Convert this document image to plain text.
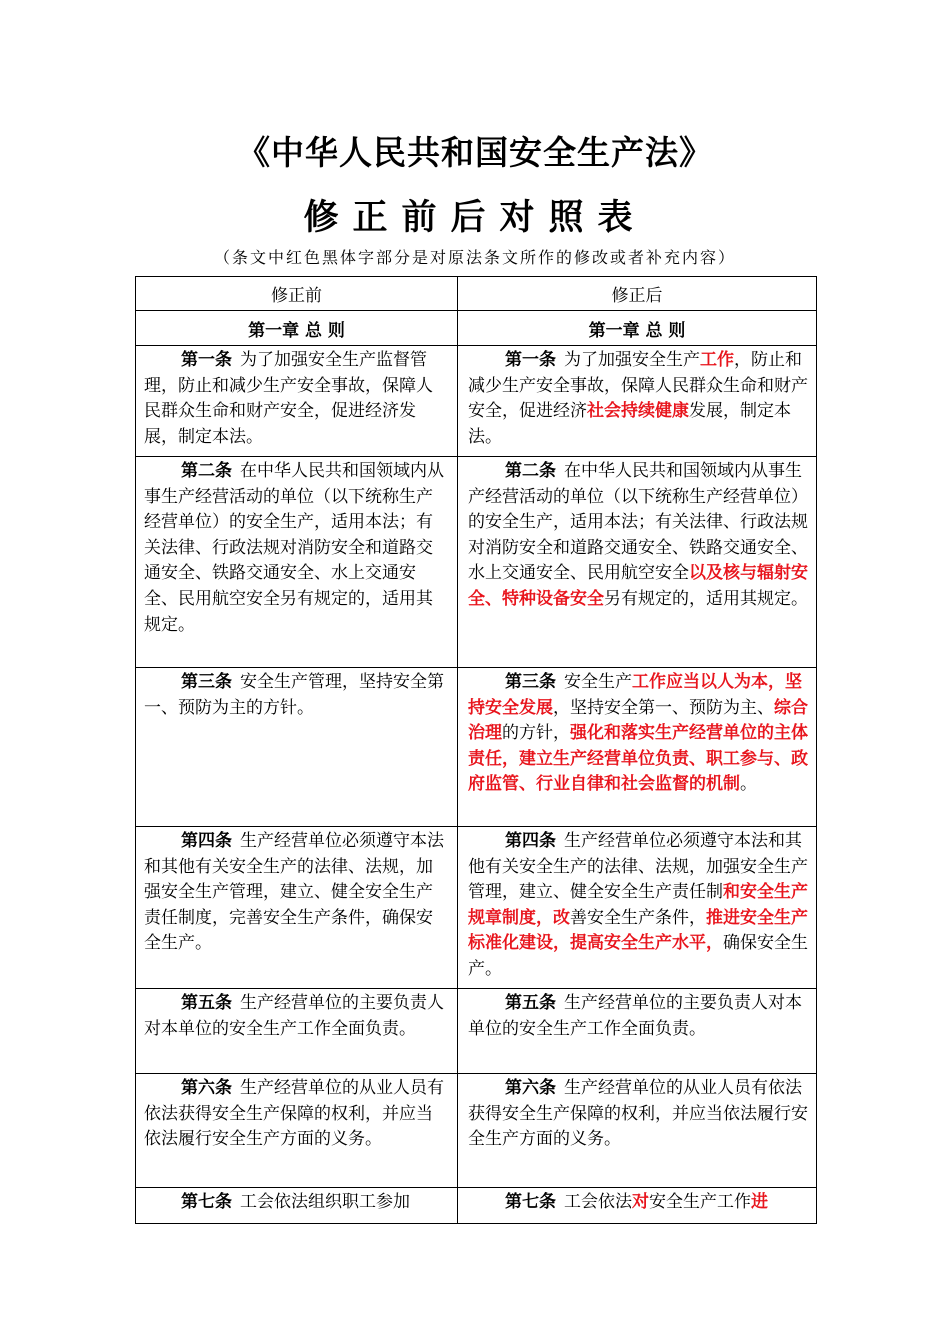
《中华人民共和国安全生产法》
修正前后对照表
（条文中红色黑体字部分是对原法条文所作的修改或者补充内容）
修正前	修正后
第一章 总 则	第一章 总 则

第一条 为了加强安全生产监督管理，防止和减少生产安全事故，保障人民群众生命和财产安全，促进经济发展，制定本法。	第一条 为了加强安全生产工作，防止和减少生产安全事故，保障人民群众生命和财产安全，促进经济社会持续健康发展，制定本法。

第二条 在中华人民共和国领域内从事生产经营活动的单位（以下统称生产经营单位）的安全生产，适用本法；有关法律、行政法规对消防安全和道路交通安全、铁路交通安全、水上交通安全、民用航空安全另有规定的，适用其规定。	第二条 在中华人民共和国领域内从事生产经营活动的单位（以下统称生产经营单位）的安全生产，适用本法；有关法律、行政法规对消防安全和道路交通安全、铁路交通安全、水上交通安全、民用航空安全以及核与辐射安全、特种设备安全另有规定的，适用其规定。

第三条 安全生产管理，坚持安全第一、预防为主的方针。	第三条 安全生产工作应当以人为本，坚持安全发展，坚持安全第一、预防为主、综合治理的方针，强化和落实生产经营单位的主体责任，建立生产经营单位负责、职工参与、政府监管、行业自律和社会监督的机制。

第四条 生产经营单位必须遵守本法和其他有关安全生产的法律、法规，加强安全生产管理，建立、健全安全生产责任制度，完善安全生产条件，确保安全生产。	第四条 生产经营单位必须遵守本法和其他有关安全生产的法律、法规，加强安全生产管理，建立、健全安全生产责任制和安全生产规章制度，改善安全生产条件，推进安全生产标准化建设，提高安全生产水平，确保安全生产。

第五条 生产经营单位的主要负责人对本单位的安全生产工作全面负责。	第五条 生产经营单位的主要负责人对本单位的安全生产工作全面负责。

第六条 生产经营单位的从业人员有依法获得安全生产保障的权利，并应当依法履行安全生产方面的义务。	第六条 生产经营单位的从业人员有依法获得安全生产保障的权利，并应当依法履行安全生产方面的义务。

第七条 工会依法组织职工参加	第七条 工会依法对安全生产工作进
